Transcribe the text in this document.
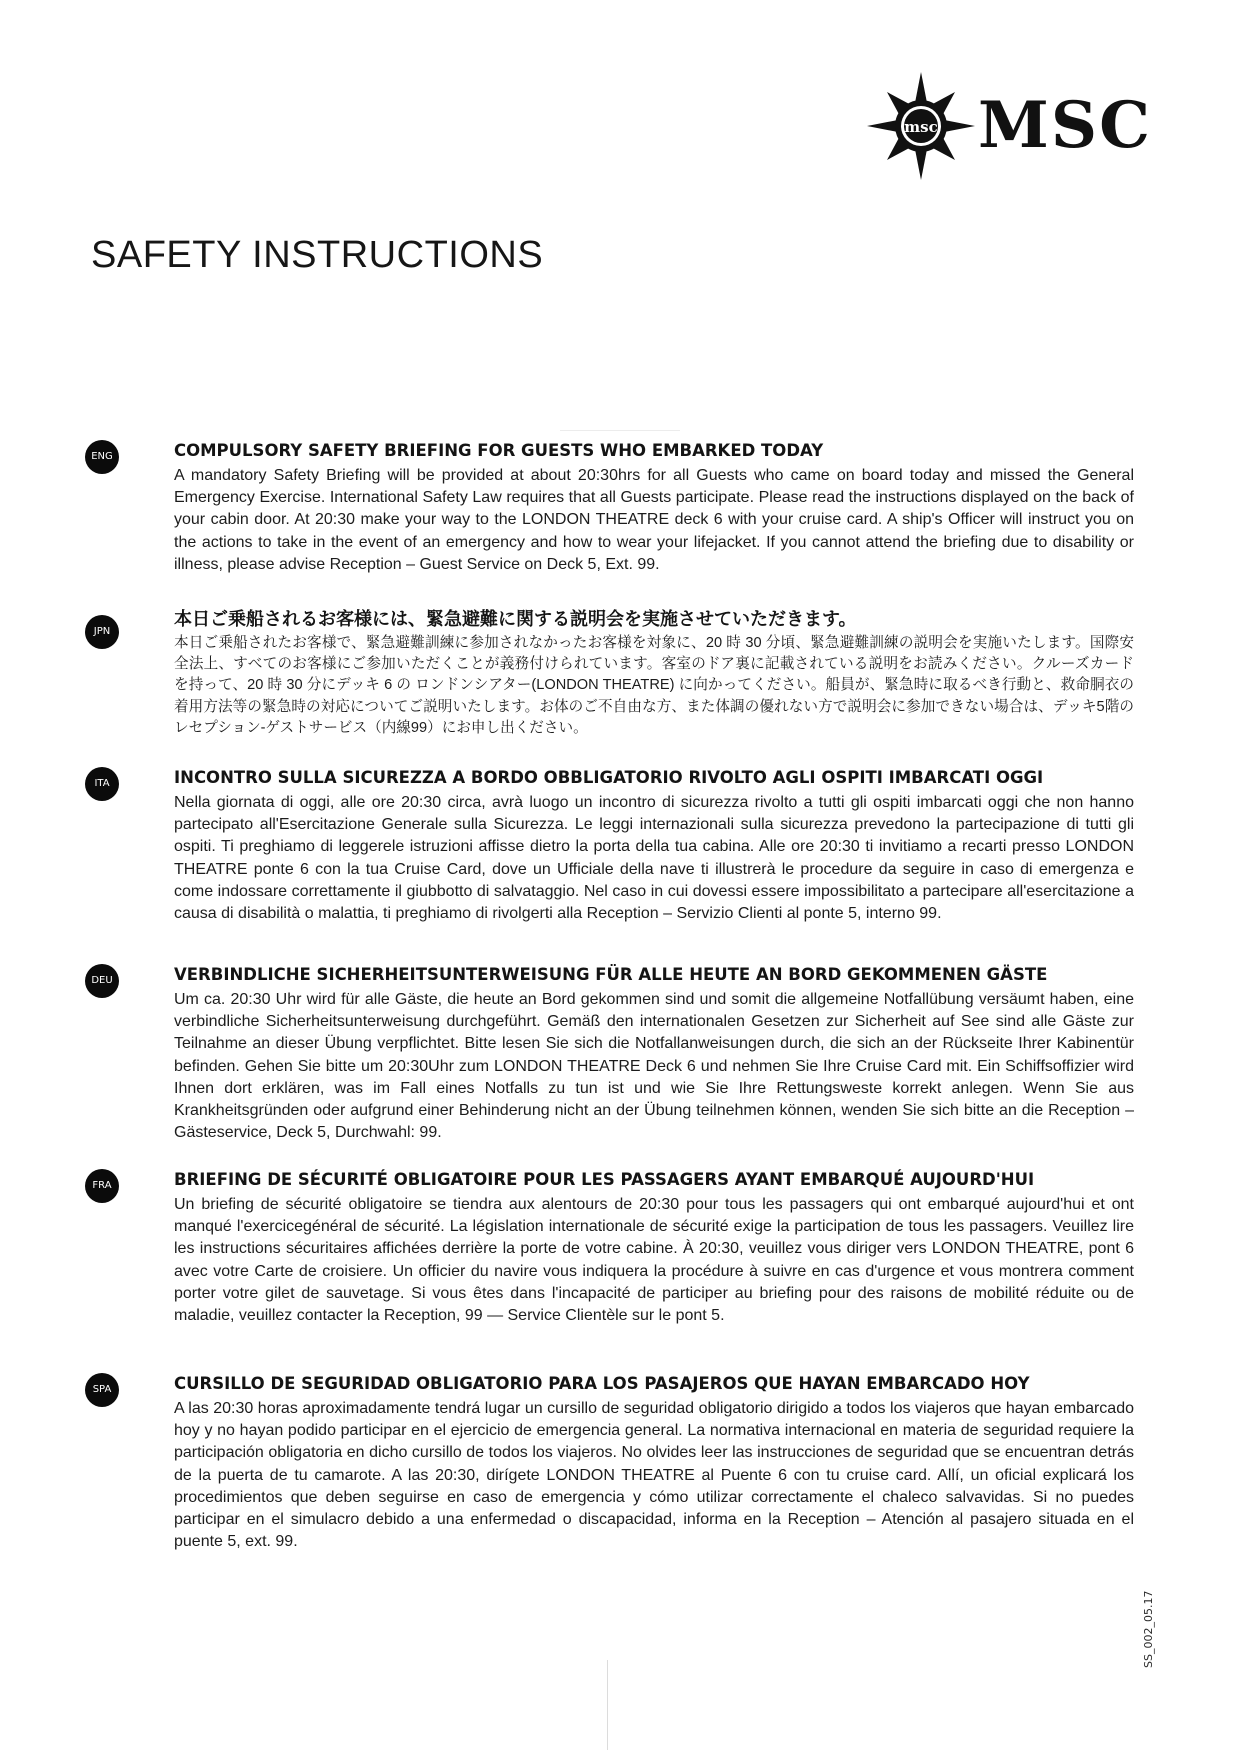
msc MSC
SAFETY INSTRUCTIONS
ENG	COMPULSORY SAFETY BRIEFING FOR GUESTS WHO EMBARKED TODAY

A mandatory Safety Briefing will be provided at about 20:30hrs for all Guests who came on board today and missed the General Emergency Exercise. International Safety Law requires that all Guests participate. Please read the instructions displayed on the back of your cabin door. At 20:30 make your way to the LONDON THEATRE deck 6 with your cruise card. A ship's Officer will instruct you on the actions to take in the event of an emergency and how to wear your lifejacket. If you cannot attend the briefing due to disability or illness, please advise Reception – Guest Service on Deck 5, Ext. 99.

JPN
本日ご乗船されるお客様には、緊急避難に関する説明会を実施させていただきます。

本日ご乗船されたお客様で、緊急避難訓練に参加されなかったお客様を対象に、20 時 30 分頃、緊急避難訓練の説明会を実施いたします。国際安全法上、すべてのお客様にご参加いただくことが義務付けられています。客室のドア裏に記載されている説明をお読みください。クルーズカードを持って、20 時 30 分にデッキ 6 の ロンドンシアター(LONDON THEATRE) に向かってください。船員が、緊急時に取るべき行動と、救命胴衣の着用方法等の緊急時の対応についてご説明いたします。お体のご不自由な方、また体調の優れない方で説明会に参加できない場合は、デッキ5階のレセプション-ゲストサービス（内線99）にお申し出ください。

ITA	INCONTRO SULLA SICUREZZA A BORDO OBBLIGATORIO RIVOLTO AGLI OSPITI IMBARCATI OGGI

Nella giornata di oggi, alle ore 20:30 circa, avrà luogo un incontro di sicurezza rivolto a tutti gli ospiti imbarcati oggi che non hanno partecipato all'Esercitazione Generale sulla Sicurezza. Le leggi internazionali sulla sicurezza prevedono la partecipazione di tutti gli ospiti. Ti preghiamo di leggerele istruzioni affisse dietro la porta della tua cabina. Alle ore 20:30 ti invitiamo a recarti presso LONDON THEATRE ponte 6 con la tua Cruise Card, dove un Ufficiale della nave ti illustrerà le procedure da seguire in caso di emergenza e come indossare correttamente il giubbotto di salvataggio. Nel caso in cui dovessi essere impossibilitato a partecipare all'esercitazione a causa di disabilità o malattia, ti preghiamo di rivolgerti alla Reception – Servizio Clienti al ponte 5, interno 99.

DEU	VERBINDLICHE SICHERHEITSUNTERWEISUNG FÜR ALLE HEUTE AN BORD GEKOMMENEN GÄSTE

Um ca. 20:30 Uhr wird für alle Gäste, die heute an Bord gekommen sind und somit die allgemeine Notfallübung versäumt haben, eine verbindliche Sicherheitsunterweisung durchgeführt. Gemäß den internationalen Gesetzen zur Sicherheit auf See sind alle Gäste zur Teilnahme an dieser Übung verpflichtet. Bitte lesen Sie sich die Notfallanweisungen durch, die sich an der Rückseite Ihrer Kabinentür befinden. Gehen Sie bitte um 20:30Uhr zum LONDON THEATRE Deck 6 und nehmen Sie Ihre Cruise Card mit. Ein Schiffsoffizier wird Ihnen dort erklären, was im Fall eines Notfalls zu tun ist und wie Sie Ihre Rettungsweste korrekt anlegen. Wenn Sie aus Krankheitsgründen oder aufgrund einer Behinderung nicht an der Übung teilnehmen können, wenden Sie sich bitte an die Reception – Gästeservice, Deck 5, Durchwahl: 99.

FRA	BRIEFING DE SÉCURITÉ OBLIGATOIRE POUR LES PASSAGERS AYANT EMBARQUÉ AUJOURD'HUI

Un briefing de sécurité obligatoire se tiendra aux alentours de 20:30 pour tous les passagers qui ont embarqué aujourd'hui et ont manqué l'exercicegénéral de sécurité. La législation internationale de sécurité exige la participation de tous les passagers. Veuillez lire les instructions sécuritaires affichées derrière la porte de votre cabine. À 20:30, veuillez vous diriger vers LONDON THEATRE, pont 6 avec votre Carte de croisiere. Un officier du navire vous indiquera la procédure à suivre en cas d'urgence et vous montrera comment porter votre gilet de sauvetage. Si vous êtes dans l'incapacité de participer au briefing pour des raisons de mobilité réduite ou de maladie, veuillez contacter la Reception, 99 — Service Clientèle sur le pont 5.

SPA	CURSILLO DE SEGURIDAD OBLIGATORIO PARA LOS PASAJEROS QUE HAYAN EMBARCADO HOY

A las 20:30 horas aproximadamente tendrá lugar un cursillo de seguridad obligatorio dirigido a todos los viajeros que hayan embarcado hoy y no hayan podido participar en el ejercicio de emergencia general. La normativa internacional en materia de seguridad requiere la participación obligatoria en dicho cursillo de todos los viajeros. No olvides leer las instrucciones de seguridad que se encuentran detrás de la puerta de tu camarote. A las 20:30, dirígete LONDON THEATRE al Puente 6 con tu cruise card. Allí, un oficial explicará los procedimientos que deben seguirse en caso de emergencia y cómo utilizar correctamente el chaleco salvavidas. Si no puedes participar en el simulacro debido a una enfermedad o discapacidad, informa en la Reception – Atención al pasajero situada en el puente 5, ext. 99.

SS_002_05.17
